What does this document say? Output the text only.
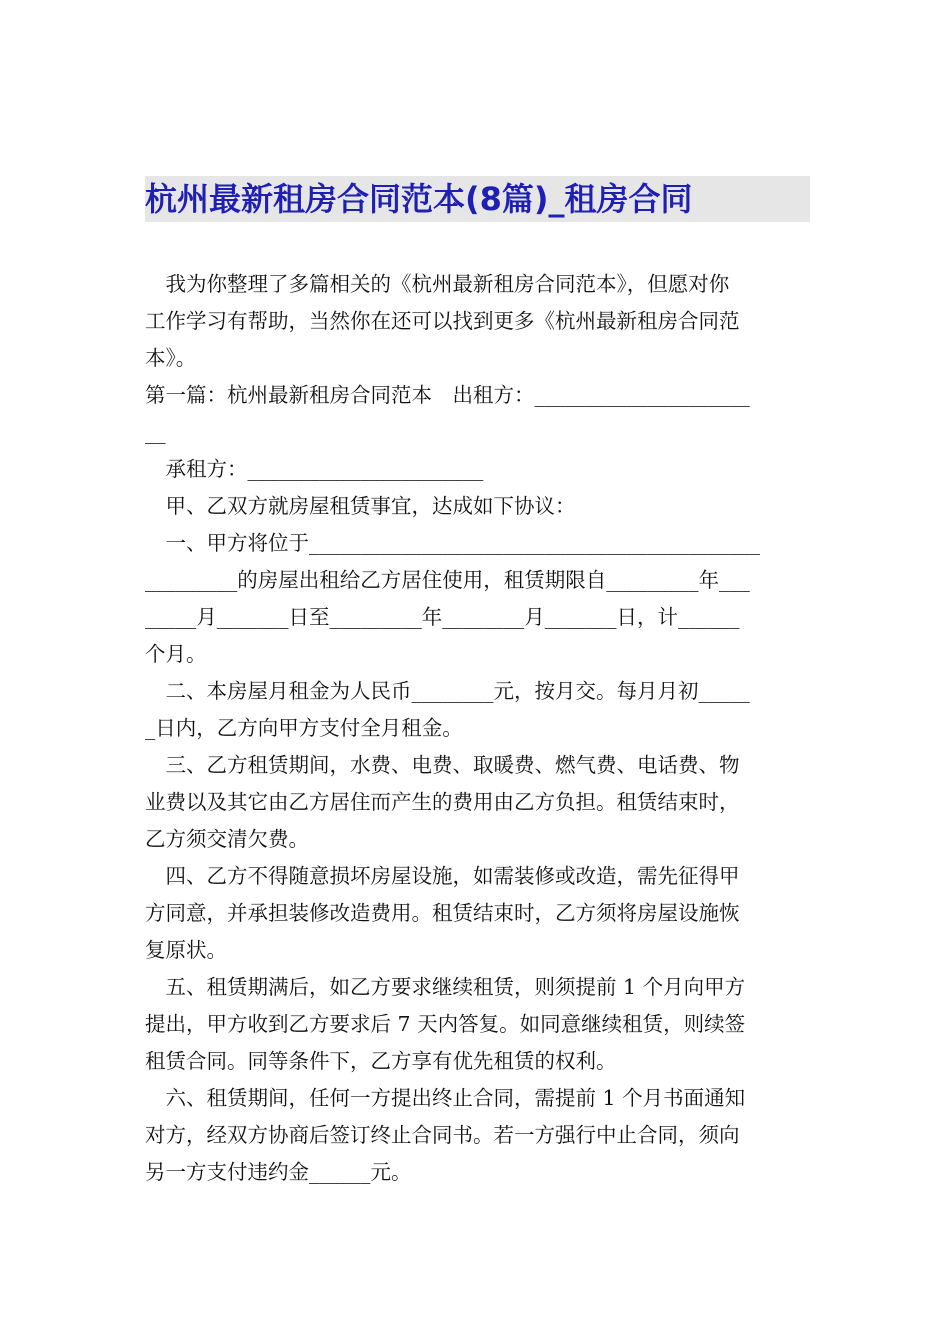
杭州最新租房合同范本(8篇)_租房合同
　我为你整理了多篇相关的《杭州最新租房合同范本》，但愿对你
工作学习有帮助，当然你在还可以找到更多《杭州最新租房合同范
本》。
第一篇：杭州最新租房合同范本　出租方：_____________________
__
　承租方：_______________________
　甲、乙双方就房屋租赁事宜，达成如下协议：
　一、甲方将位于____________________________________________
_________的房屋出租给乙方居住使用，租赁期限自_________年___
_____月_______日至_________年________月_______日，计______
个月。
　二、本房屋月租金为人民币________元，按月交。每月月初_____
_日内，乙方向甲方支付全月租金。
　三、乙方租赁期间，水费、电费、取暖费、燃气费、电话费、物
业费以及其它由乙方居住而产生的费用由乙方负担。租赁结束时，
乙方须交清欠费。
　四、乙方不得随意损坏房屋设施，如需装修或改造，需先征得甲
方同意，并承担装修改造费用。租赁结束时，乙方须将房屋设施恢
复原状。
　五、租赁期满后，如乙方要求继续租赁，则须提前 1 个月向甲方
提出，甲方收到乙方要求后 7 天内答复。如同意继续租赁，则续签
租赁合同。同等条件下，乙方享有优先租赁的权利。
　六、租赁期间，任何一方提出终止合同，需提前 1 个月书面通知
对方，经双方协商后签订终止合同书。若一方强行中止合同，须向
另一方支付违约金______元。
